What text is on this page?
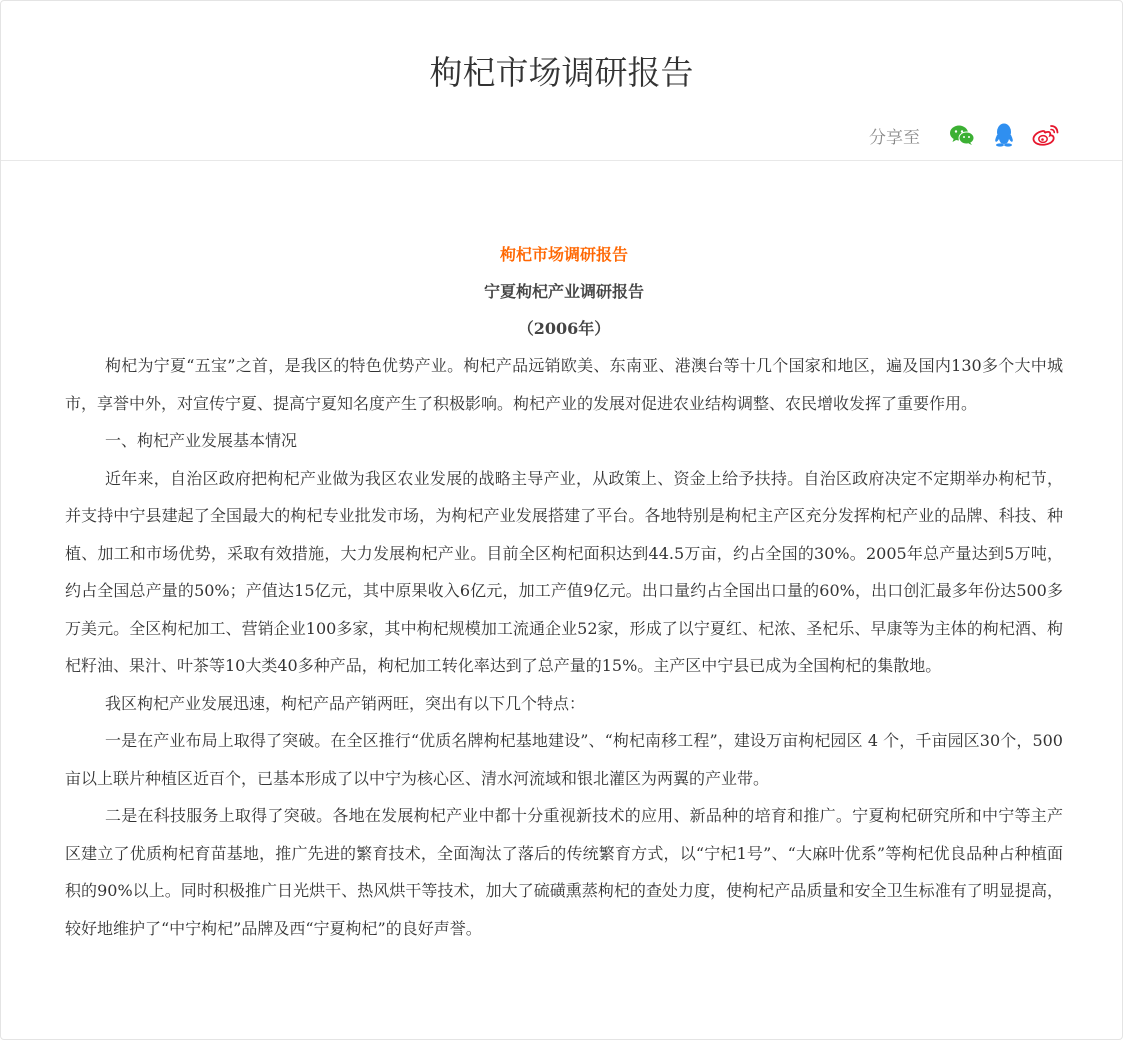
枸杞市场调研报告
分享至

枸杞市场调研报告

宁夏枸杞产业调研报告

（2006年）

枸杞为宁夏“五宝”之首，是我区的特色优势产业。枸杞产品远销欧美、东南亚、港澳台等十几个国家和地区，遍及国内130多个大中城市，享誉中外，对宣传宁夏、提高宁夏知名度产生了积极影响。枸杞产业的发展对促进农业结构调整、农民增收发挥了重要作用。

一、枸杞产业发展基本情况

近年来，自治区政府把枸杞产业做为我区农业发展的战略主导产业，从政策上、资金上给予扶持。自治区政府决定不定期举办枸杞节，并支持中宁县建起了全国最大的枸杞专业批发市场，为枸杞产业发展搭建了平台。各地特别是枸杞主产区充分发挥枸杞产业的品牌、科技、种植、加工和市场优势，采取有效措施，大力发展枸杞产业。目前全区枸杞面积达到44.5万亩，约占全国的30%。2005年总产量达到5万吨，约占全国总产量的50%；产值达15亿元，其中原果收入6亿元，加工产值9亿元。出口量约占全国出口量的60%，出口创汇最多年份达500多万美元。全区枸杞加工、营销企业100多家，其中枸杞规模加工流通企业52家，形成了以宁夏红、杞浓、圣杞乐、早康等为主体的枸杞酒、枸杞籽油、果汁、叶茶等10大类40多种产品，枸杞加工转化率达到了总产量的15%。主产区中宁县已成为全国枸杞的集散地。

我区枸杞产业发展迅速，枸杞产品产销两旺，突出有以下几个特点：

一是在产业布局上取得了突破。在全区推行“优质名牌枸杞基地建设”、“枸杞南移工程”，建设万亩枸杞园区 4 个，千亩园区30个，500亩以上联片种植区近百个，已基本形成了以中宁为核心区、清水河流域和银北灌区为两翼的产业带。

二是在科技服务上取得了突破。各地在发展枸杞产业中都十分重视新技术的应用、新品种的培育和推广。宁夏枸杞研究所和中宁等主产区建立了优质枸杞育苗基地，推广先进的繁育技术，全面淘汰了落后的传统繁育方式，以“宁杞1号”、“大麻叶优系”等枸杞优良品种占种植面积的90%以上。同时积极推广日光烘干、热风烘干等技术，加大了硫磺熏蒸枸杞的查处力度，使枸杞产品质量和安全卫生标准有了明显提高，较好地维护了“中宁枸杞”品牌及西“宁夏枸杞”的良好声誉。
